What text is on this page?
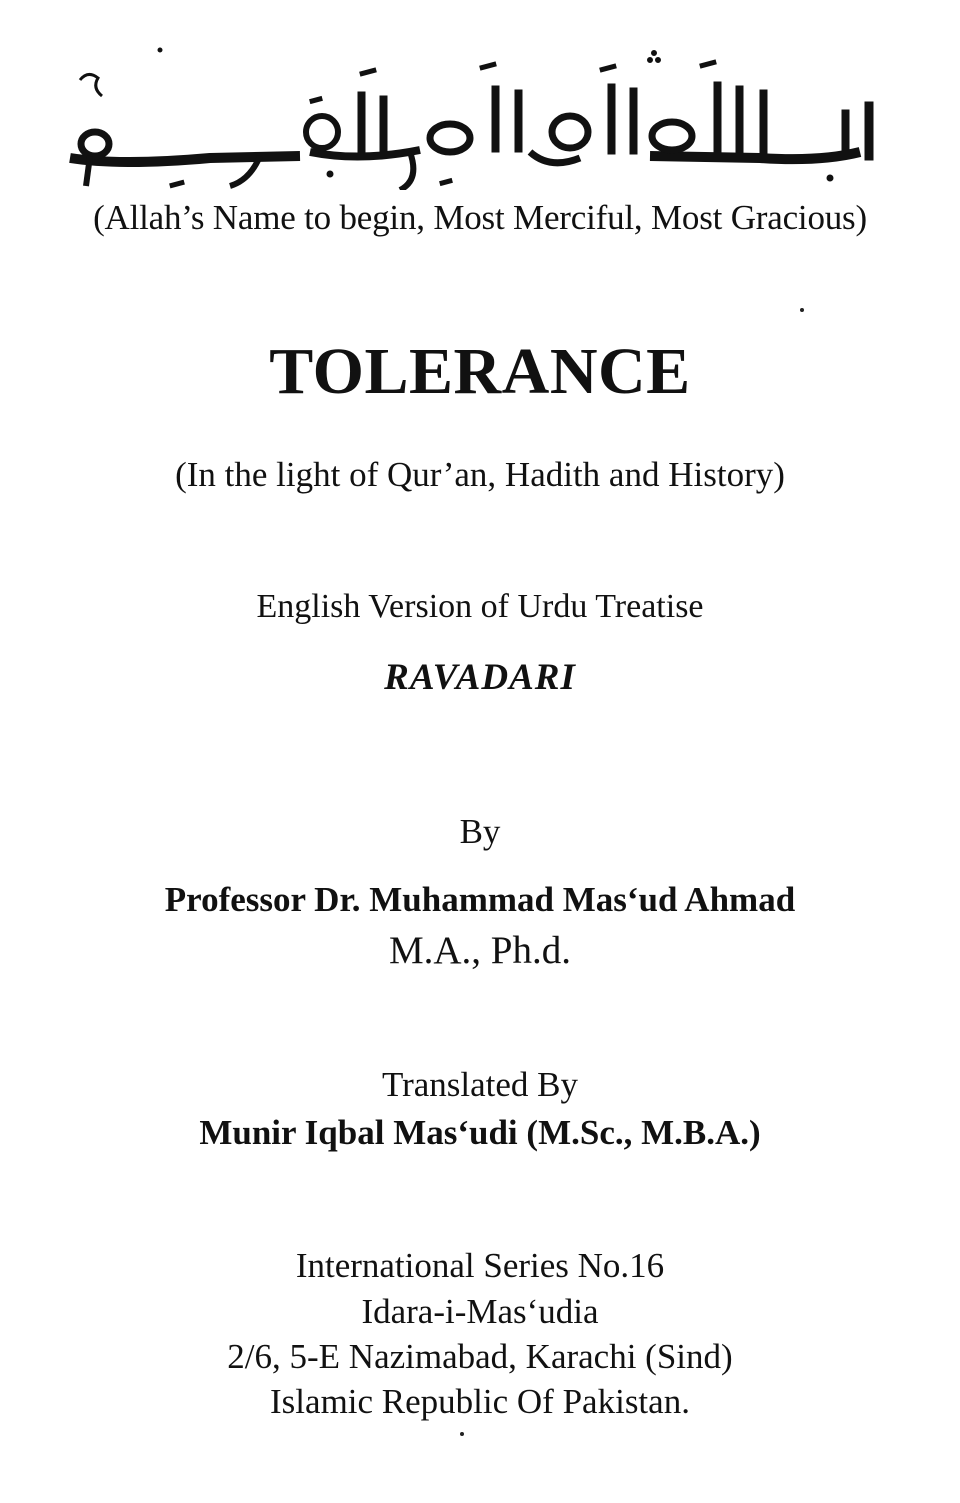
(Allah’s Name to begin, Most Merciful, Most Gracious)
TOLERANCE
(In the light of Qur’an, Hadith and History)
English Version of Urdu Treatise
RAVADARI
By
Professor Dr. Muhammad Mas‘ud Ahmad
M.A., Ph.d.
Translated By
Munir Iqbal Mas‘udi (M.Sc., M.B.A.)
International Series No.16
Idara-i-Mas‘udia
2/6, 5-E Nazimabad, Karachi (Sind)
Islamic Republic Of Pakistan.
